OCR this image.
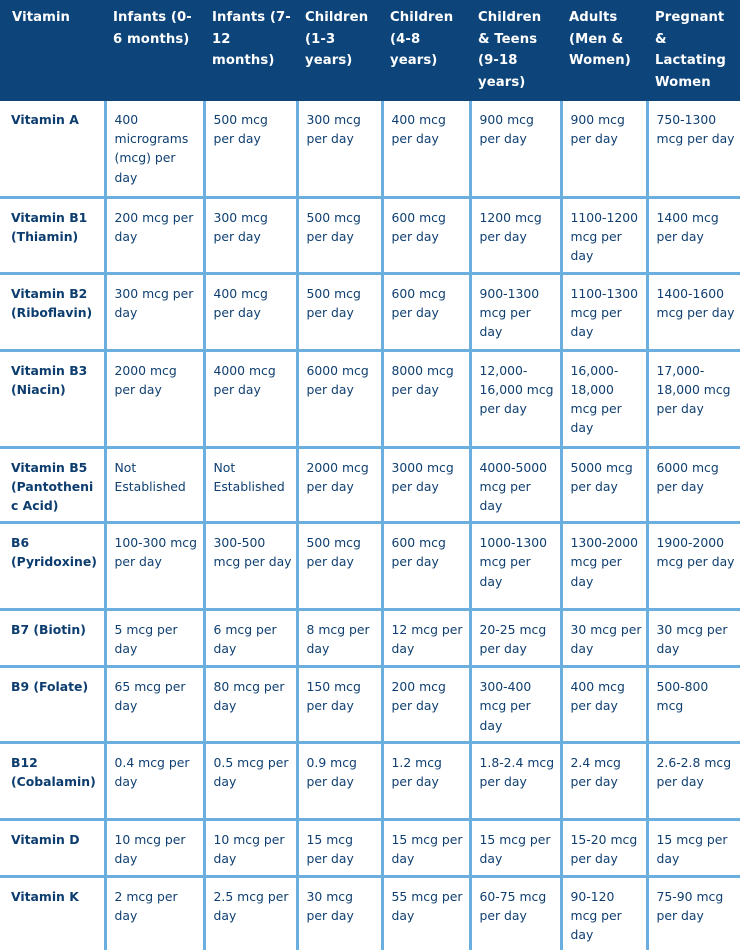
Vitamin	Infants (0-6 months)	Infants (7-12 months)	Children (1-3 years)	Children (4-8 years)	Children & Teens (9-18 years)	Adults (Men & Women)	Pregnant & Lactating Women
Vitamin A	400 micrograms (mcg) per day	500 mcg per day	300 mcg per day	400 mcg per day	900 mcg per day	900 mcg per day	750-1300 mcg per day
Vitamin B1 (Thiamin)	200 mcg per day	300 mcg per day	500 mcg per day	600 mcg per day	1200 mcg per day	1100-1200 mcg per day	1400 mcg per day
Vitamin B2 (Riboflavin)	300 mcg per day	400 mcg per day	500 mcg per day	600 mcg per day	900-1300 mcg per day	1100-1300 mcg per day	1400-1600 mcg per day
Vitamin B3 (Niacin)	2000 mcg per day	4000 mcg per day	6000 mcg per day	8000 mcg per day	12,000-16,000 mcg per day	16,000-18,000 mcg per day	17,000-18,000 mcg per day
Vitamin B5 (Pantothenic Acid)	Not Established	Not Established	2000 mcg per day	3000 mcg per day	4000-5000 mcg per day	5000 mcg per day	6000 mcg per day
B6 (Pyridoxine)	100-300 mcg per day	300-500 mcg per day	500 mcg per day	600 mcg per day	1000-1300 mcg per day	1300-2000 mcg per day	1900-2000 mcg per day
B7 (Biotin)	5 mcg per day	6 mcg per day	8 mcg per day	12 mcg per day	20-25 mcg per day	30 mcg per day	30 mcg per day
B9 (Folate)	65 mcg per day	80 mcg per day	150 mcg per day	200 mcg per day	300-400 mcg per day	400 mcg per day	500-800 mcg
B12 (Cobalamin)	0.4 mcg per day	0.5 mcg per day	0.9 mcg per day	1.2 mcg per day	1.8-2.4 mcg per day	2.4 mcg per day	2.6-2.8 mcg per day
Vitamin D	10 mcg per day	10 mcg per day	15 mcg per day	15 mcg per day	15 mcg per day	15-20 mcg per day	15 mcg per day
Vitamin K	2 mcg per day	2.5 mcg per day	30 mcg per day	55 mcg per day	60-75 mcg per day	90-120 mcg per day	75-90 mcg per day
